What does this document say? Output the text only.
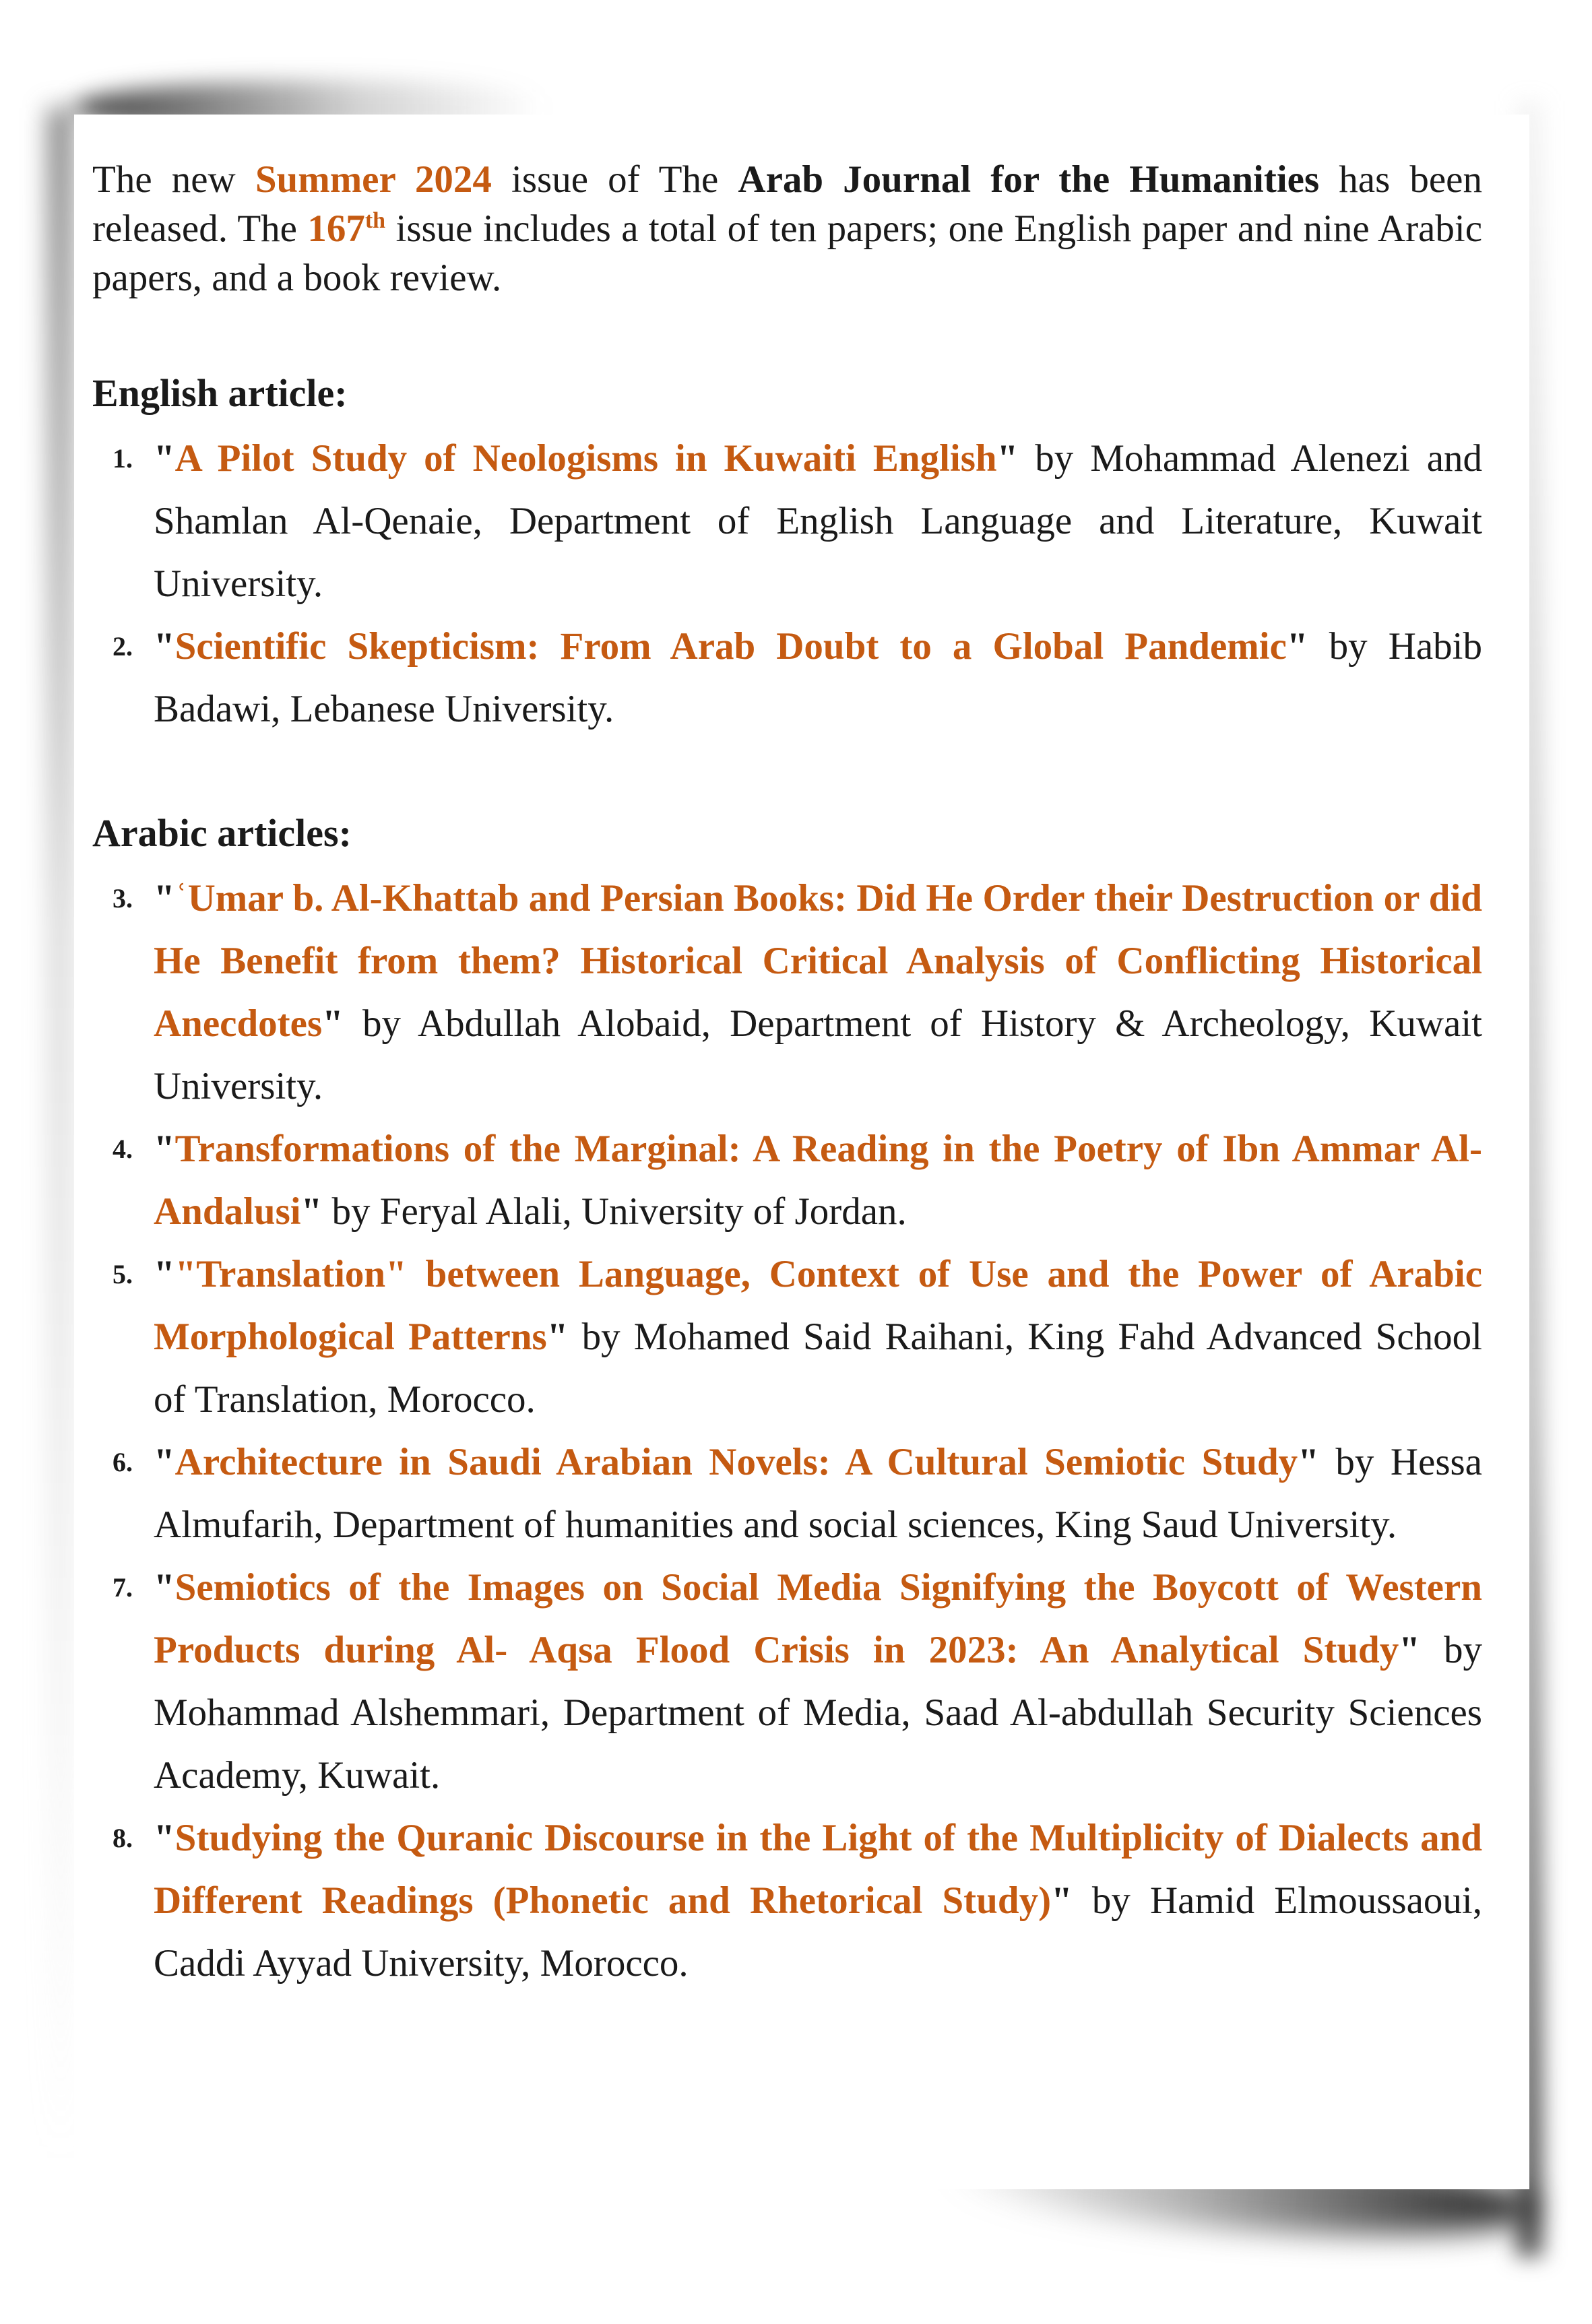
The new Summer 2024 issue of The Arab Journal for the Humanities has been released. The 167th issue includes a total of ten papers; one English paper and nine Arabic papers, and a book review.

English article:

1. "A Pilot Study of Neologisms in Kuwaiti English" by Mohammad Alenezi and Shamlan Al-Qenaie, Department of English Language and Literature, Kuwait University.
2. "Scientific Skepticism: From Arab Doubt to a Global Pandemic" by Habib Badawi, Lebanese University.

Arabic articles:

3. "ʿUmar b. Al-Khattab and Persian Books: Did He Order their Destruction or did He Benefit from them? Historical Critical Analysis of Conflicting Historical Anecdotes" by Abdullah Alobaid, Department of History & Archeology, Kuwait University.
4. "Transformations of the Marginal: A Reading in the Poetry of Ibn Ammar Al-Andalusi" by Feryal Alali, University of Jordan.
5. ""Translation" between Language, Context of Use and the Power of Arabic Morphological Patterns" by Mohamed Said Raihani, King Fahd Advanced School of Translation, Morocco.
6. "Architecture in Saudi Arabian Novels: A Cultural Semiotic Study" by Hessa Almufarih, Department of humanities and social sciences, King Saud University.
7. "Semiotics of the Images on Social Media Signifying the Boycott of Western Products during Al- Aqsa Flood Crisis in 2023: An Analytical Study" by Mohammad Alshemmari, Department of Media, Saad Al-abdullah Security Sciences Academy, Kuwait.
8. "Studying the Quranic Discourse in the Light of the Multiplicity of Dialects and Different Readings (Phonetic and Rhetorical Study)" by Hamid Elmoussaoui, Caddi Ayyad University, Morocco.
